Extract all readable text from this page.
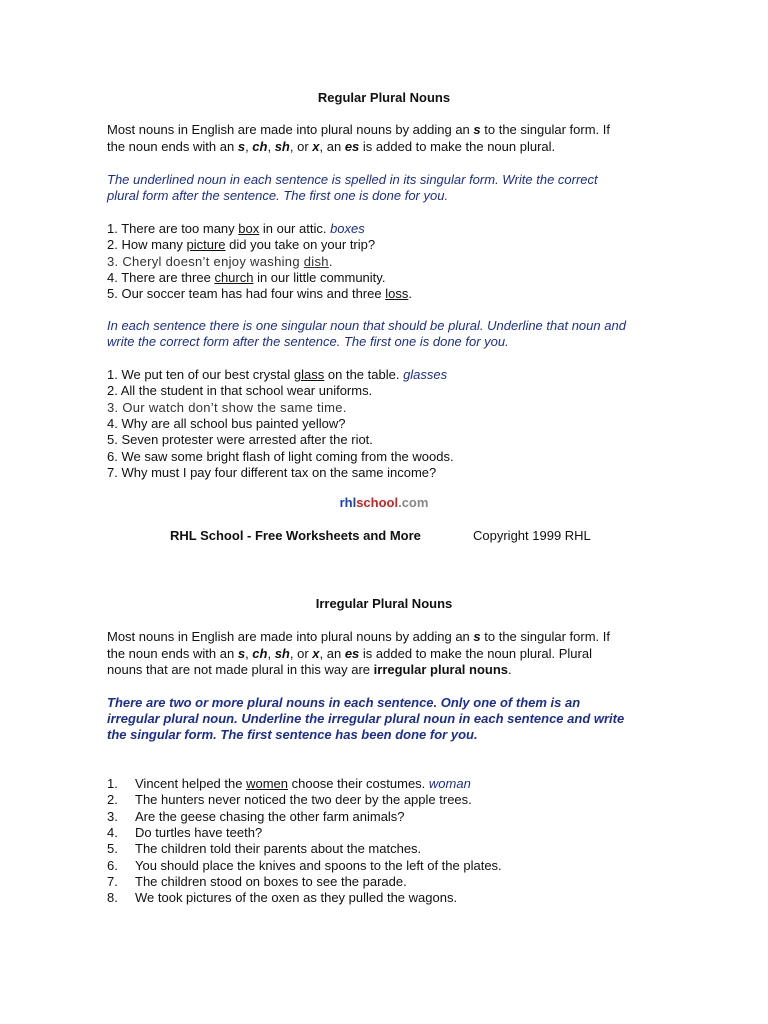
Regular Plural Nouns
Most nouns in English are made into plural nouns by adding an s to the singular form. If
the noun ends with an s, ch, sh, or x, an es is added to make the noun plural.
The underlined noun in each sentence is spelled in its singular form. Write the correct
plural form after the sentence. The first one is done for you.
1. There are too many box in our attic. boxes
2. How many picture did you take on your trip?
3. Cheryl doesn’t enjoy washing dish.
4. There are three church in our little community.
5. Our soccer team has had four wins and three loss.
In each sentence there is one singular noun that should be plural. Underline that noun and
write the correct form after the sentence. The first one is done for you.
1. We put ten of our best crystal glass on the table. glasses
2. All the student in that school wear uniforms.
3. Our watch don’t show the same time.
4. Why are all school bus painted yellow?
5. Seven protester were arrested after the riot.
6. We saw some bright flash of light coming from the woods.
7. Why must I pay four different tax on the same income?
rhlschool.com
RHL School - Free Worksheets and More	Copyright 1999 RHL
Irregular Plural Nouns
Most nouns in English are made into plural nouns by adding an s to the singular form. If
the noun ends with an s, ch, sh, or x, an es is added to make the noun plural. Plural
nouns that are not made plural in this way are irregular plural nouns.
There are two or more plural nouns in each sentence. Only one of them is an
irregular plural noun. Underline the irregular plural noun in each sentence and write
the singular form. The first sentence has been done for you.
1. Vincent helped the women choose their costumes. woman
2. The hunters never noticed the two deer by the apple trees.
3. Are the geese chasing the other farm animals?
4. Do turtles have teeth?
5. The children told their parents about the matches.
6. You should place the knives and spoons to the left of the plates.
7. The children stood on boxes to see the parade.
8. We took pictures of the oxen as they pulled the wagons.
